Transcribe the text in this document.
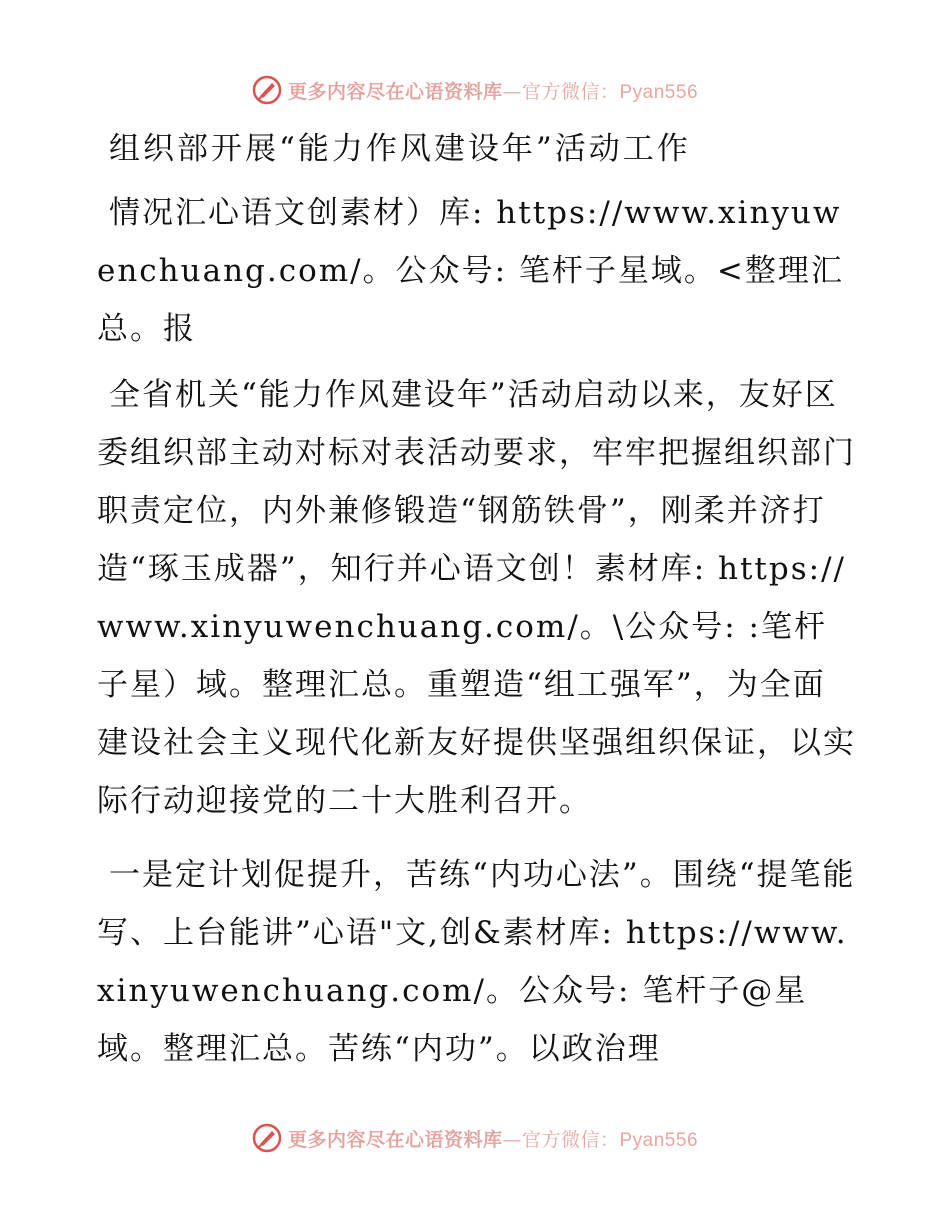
更多内容尽在心语资料库—官方微信：Pyan556
组织部开展“能力作风建设年”活动工作

情况汇心语文创素材）库: https://www.xinyuwenchuang.com/。公众号: 笔杆子星域。<整理汇总。报

全省机关“能力作风建设年”活动启动以来，友好区委组织部主动对标对表活动要求，牢牢把握组织部门职责定位，内外兼修锻造“钢筋铁骨”，刚柔并济打造“琢玉成器”，知行并心语文创！素材库: https://www.xinyuwenchuang.com/。\公众号: :笔杆子星）域。整理汇总。重塑造“组工强军”，为全面建设社会主义现代化新友好提供坚强组织保证，以实际行动迎接党的二十大胜利召开。

一是定计划促提升，苦练“内功心法”。围绕“提笔能写、上台能讲”心语"文,创&素材库: https://www.xinyuwenchuang.com/。公众号: 笔杆子@星域。整理汇总。苦练“内功”。以政治理

更多内容尽在心语资料库—官方微信：Pyan556
